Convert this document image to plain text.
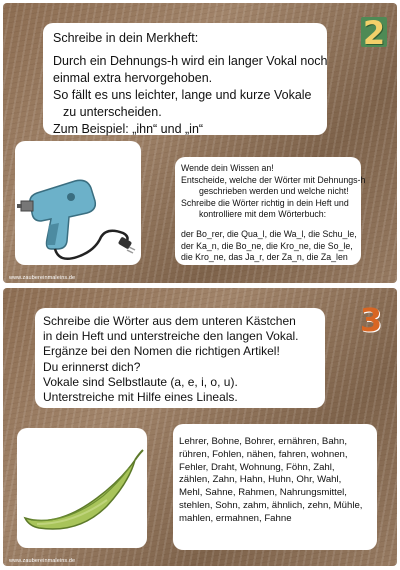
2
Schreibe in dein Merkheft:
Durch ein Dehnungs-h wird ein langer Vokal noch
einmal extra hervorgehoben.
So fällt es uns leichter, lange und kurze Vokale
zu unterscheiden.
Zum Beispiel: „ihn“ und „in“
Wende dein Wissen an!
Entscheide, welche der Wörter mit Dehnungs-h
geschrieben werden und welche nicht!
Schreibe die Wörter richtig in dein Heft und
kontrolliere mit dem Wörterbuch:
der Bo_rer, die Qua_l, die Wa_l, die Schu_le,
der Ka_n, die Bo_ne, die Kro_ne, die So_le,
die Kro_ne, das Ja_r, der Za_n, die Za_len
www.zaubereinmaleins.de
3
Schreibe die Wörter aus dem unteren Kästchen
in dein Heft und unterstreiche den langen Vokal.
Ergänze bei den Nomen die richtigen Artikel!
Du erinnerst dich?
Vokale sind Selbstlaute (a, e, i, o, u).
Unterstreiche mit Hilfe eines Lineals.
Lehrer, Bohne, Bohrer, ernähren, Bahn,
rühren, Fohlen, nähen, fahren, wohnen,
Fehler, Draht, Wohnung, Föhn, Zahl,
zählen, Zahn, Hahn, Huhn, Ohr, Wahl,
Mehl, Sahne, Rahmen, Nahrungsmittel,
stehlen, Sohn, zahm, ähnlich, zehn, Mühle,
mahlen, ermahnen, Fahne
www.zaubereinmaleins.de
